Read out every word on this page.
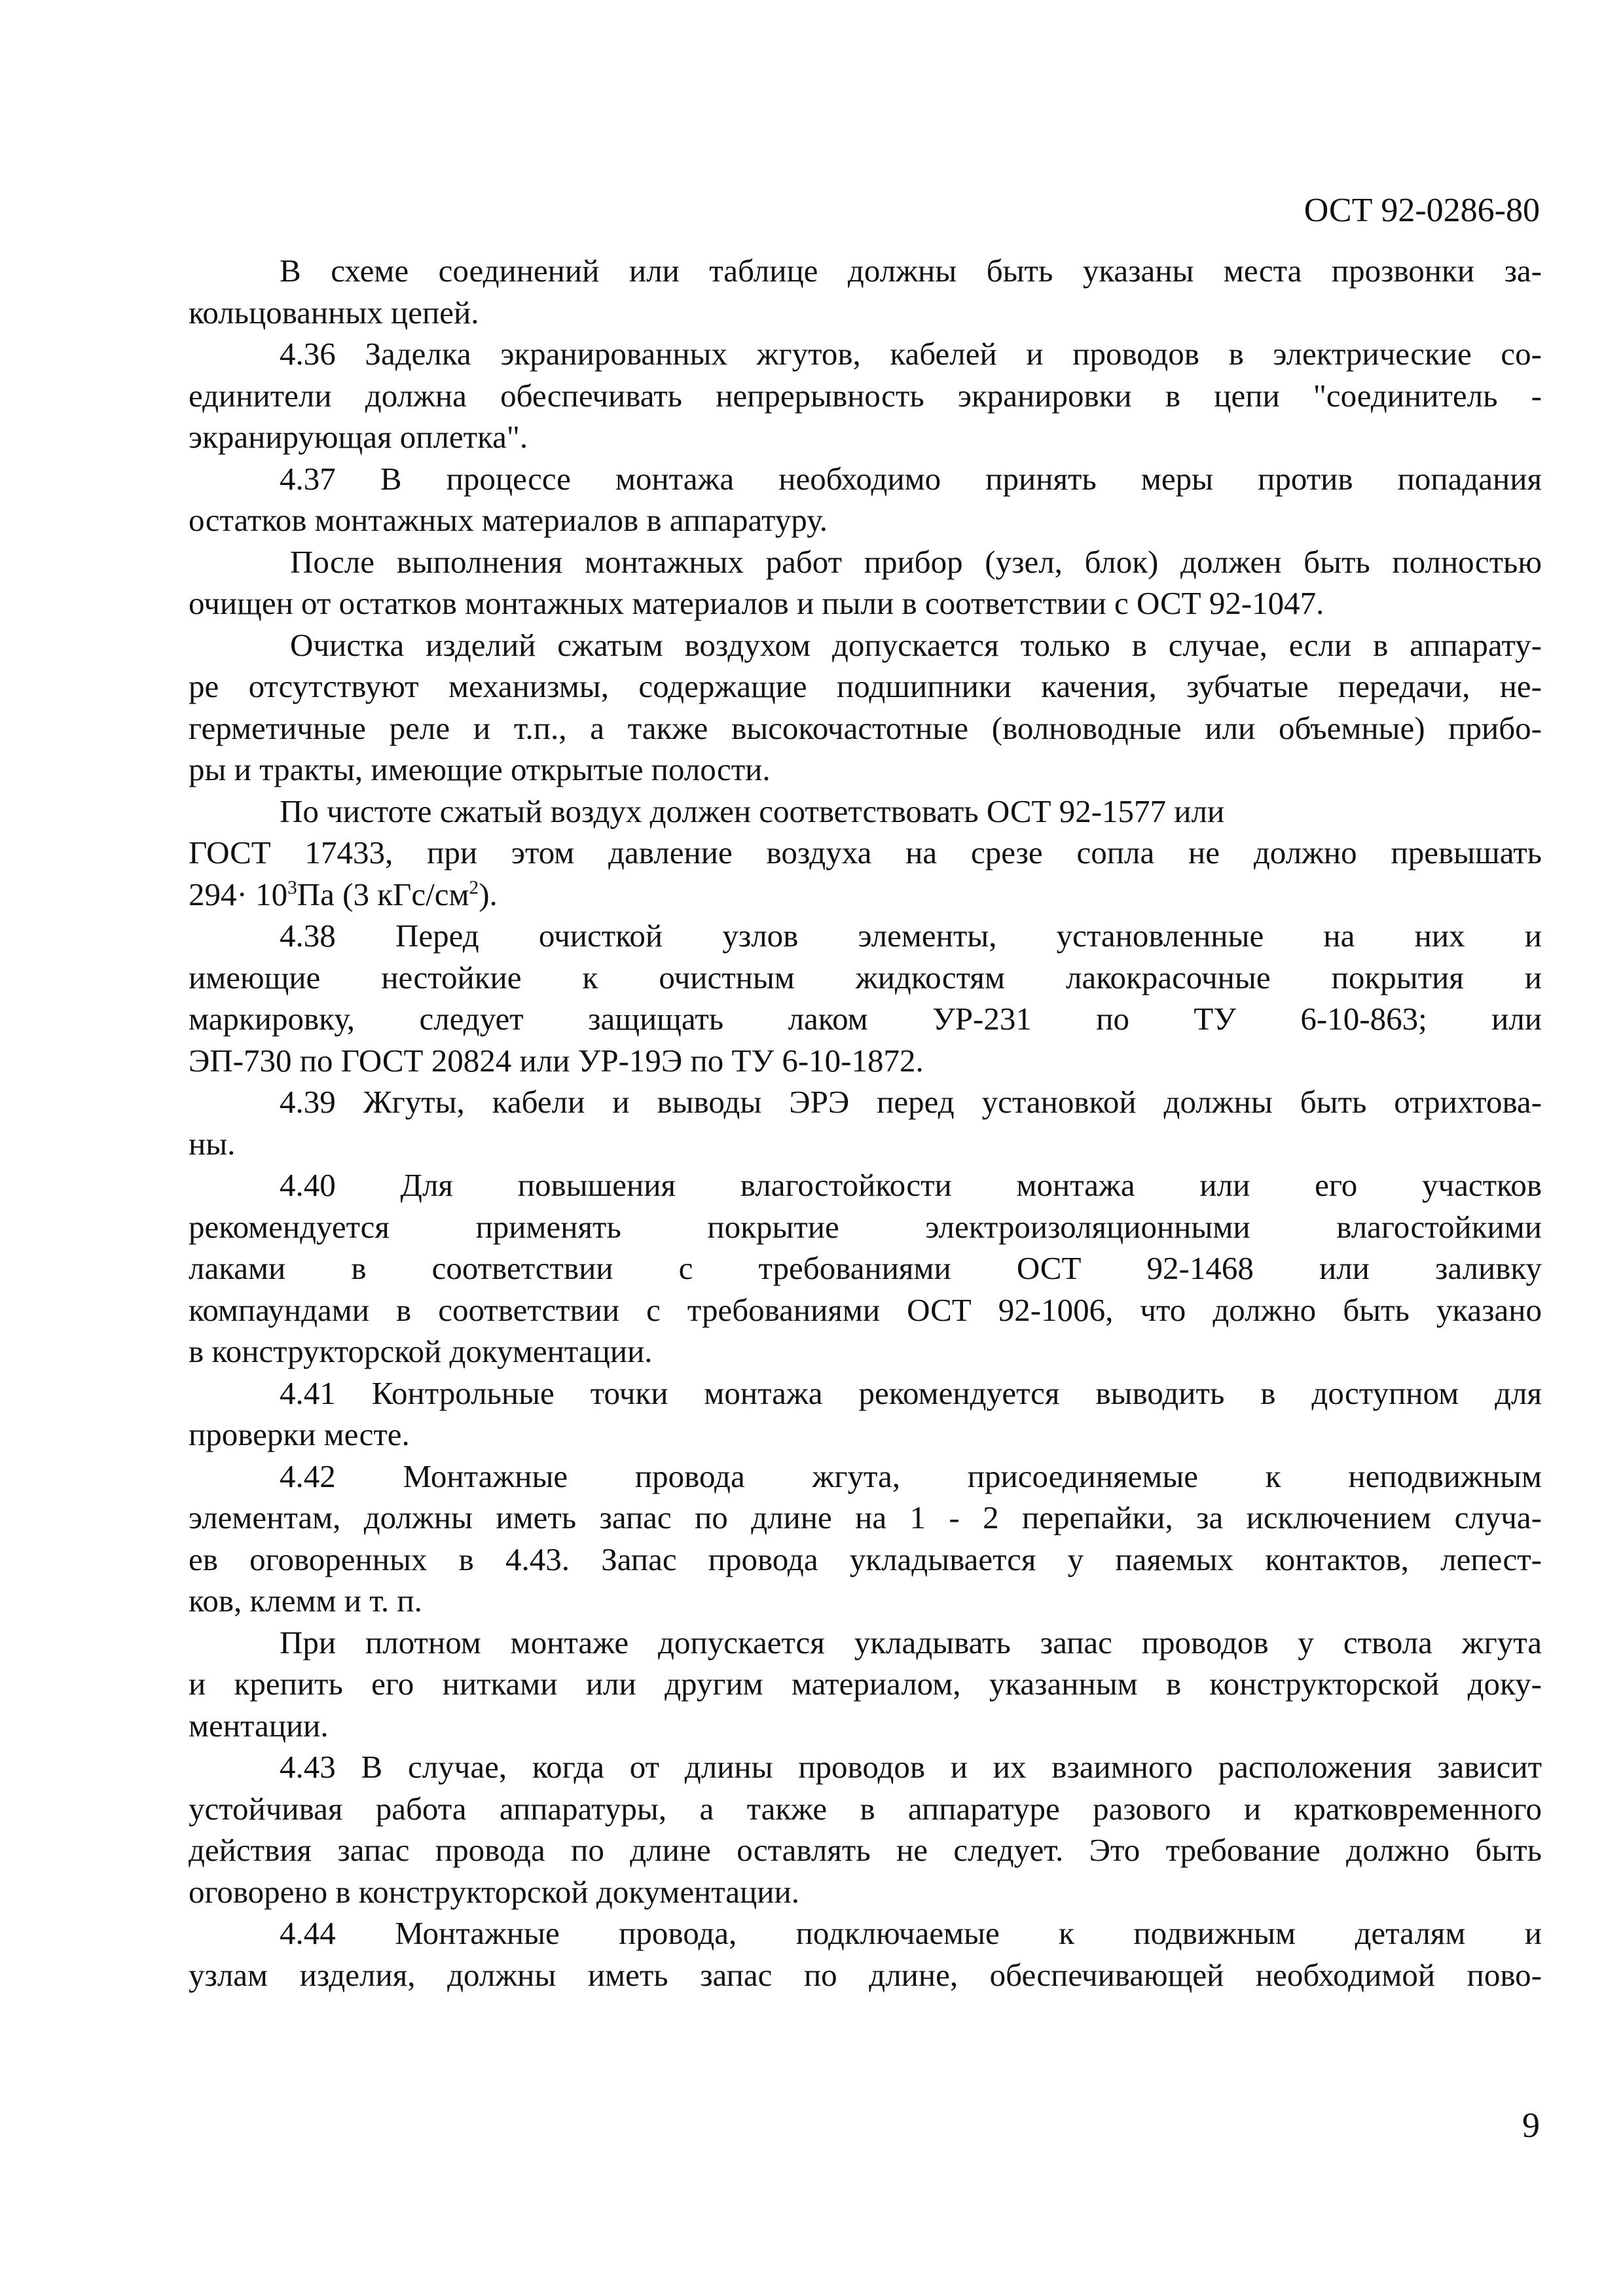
ОСТ 92-0286-80

В схеме соединений или таблице должны быть указаны места прозвонки за-

кольцованных цепей.

4.36 Заделка экранированных жгутов, кабелей и проводов в электрические со-

единители должна обеспечивать непрерывность экранировки в цепи "соединитель -

экранирующая оплетка".

4.37 В процессе монтажа необходимо принять меры против попадания

остатков монтажных материалов в аппаратуру.

После выполнения монтажных работ прибор (узел, блок) должен быть полностью

очищен от остатков монтажных материалов и пыли в соответствии с ОСТ 92-1047.

Очистка изделий сжатым воздухом допускается только в случае, если в аппарату-

ре отсутствуют механизмы, содержащие подшипники качения, зубчатые передачи, не-

герметичные реле и т.п., а также высокочастотные (волноводные или объемные) прибо-

ры и тракты, имеющие открытые полости.

По чистоте сжатый воздух должен соответствовать ОСТ 92-1577 или

ГОСТ 17433, при этом давление воздуха на срезе сопла не должно превышать

$294\cdot 10^3Па$ (3 кГс/$см^2$).

4.38 Перед очисткой узлов элементы, установленные на них и

имеющие нестойкие к очистным жидкостям лакокрасочные покрытия и

маркировку, следует защищать лаком УР-231 по ТУ 6-10-863; или

ЭП-730 по ГОСТ 20824 или УР-19Э по ТУ 6-10-1872.

4.39 Жгуты, кабели и выводы ЭРЭ перед установкой должны быть отрихтова-

ны.

4.40 Для повышения влагостойкости монтажа или его участков

рекомендуется применять покрытие электроизоляционными влагостойкими

лаками в соответствии с требованиями ОСТ 92-1468 или заливку

компаундами в соответствии с требованиями ОСТ 92-1006, что должно быть указано

в конструкторской документации.

4.41 Контрольные точки монтажа рекомендуется выводить в доступном для

проверки месте.

4.42 Монтажные провода жгута, присоединяемые к неподвижным

элементам, должны иметь запас по длине на 1 - 2 перепайки, за исключением случа-

ев оговоренных в 4.43. Запас провода укладывается у паяемых контактов, лепест-

ков, клемм и т. п.

При плотном монтаже допускается укладывать запас проводов у ствола жгута

и крепить его нитками или другим материалом, указанным в конструкторской доку-

ментации.

4.43 В случае, когда от длины проводов и их взаимного расположения зависит

устойчивая работа аппаратуры, а также в аппаратуре разового и кратковременного

действия запас провода по длине оставлять не следует. Это требование должно быть

оговорено в конструкторской документации.

4.44 Монтажные провода, подключаемые к подвижным деталям и

узлам изделия, должны иметь запас по длине, обеспечивающей необходимой пово-

9
